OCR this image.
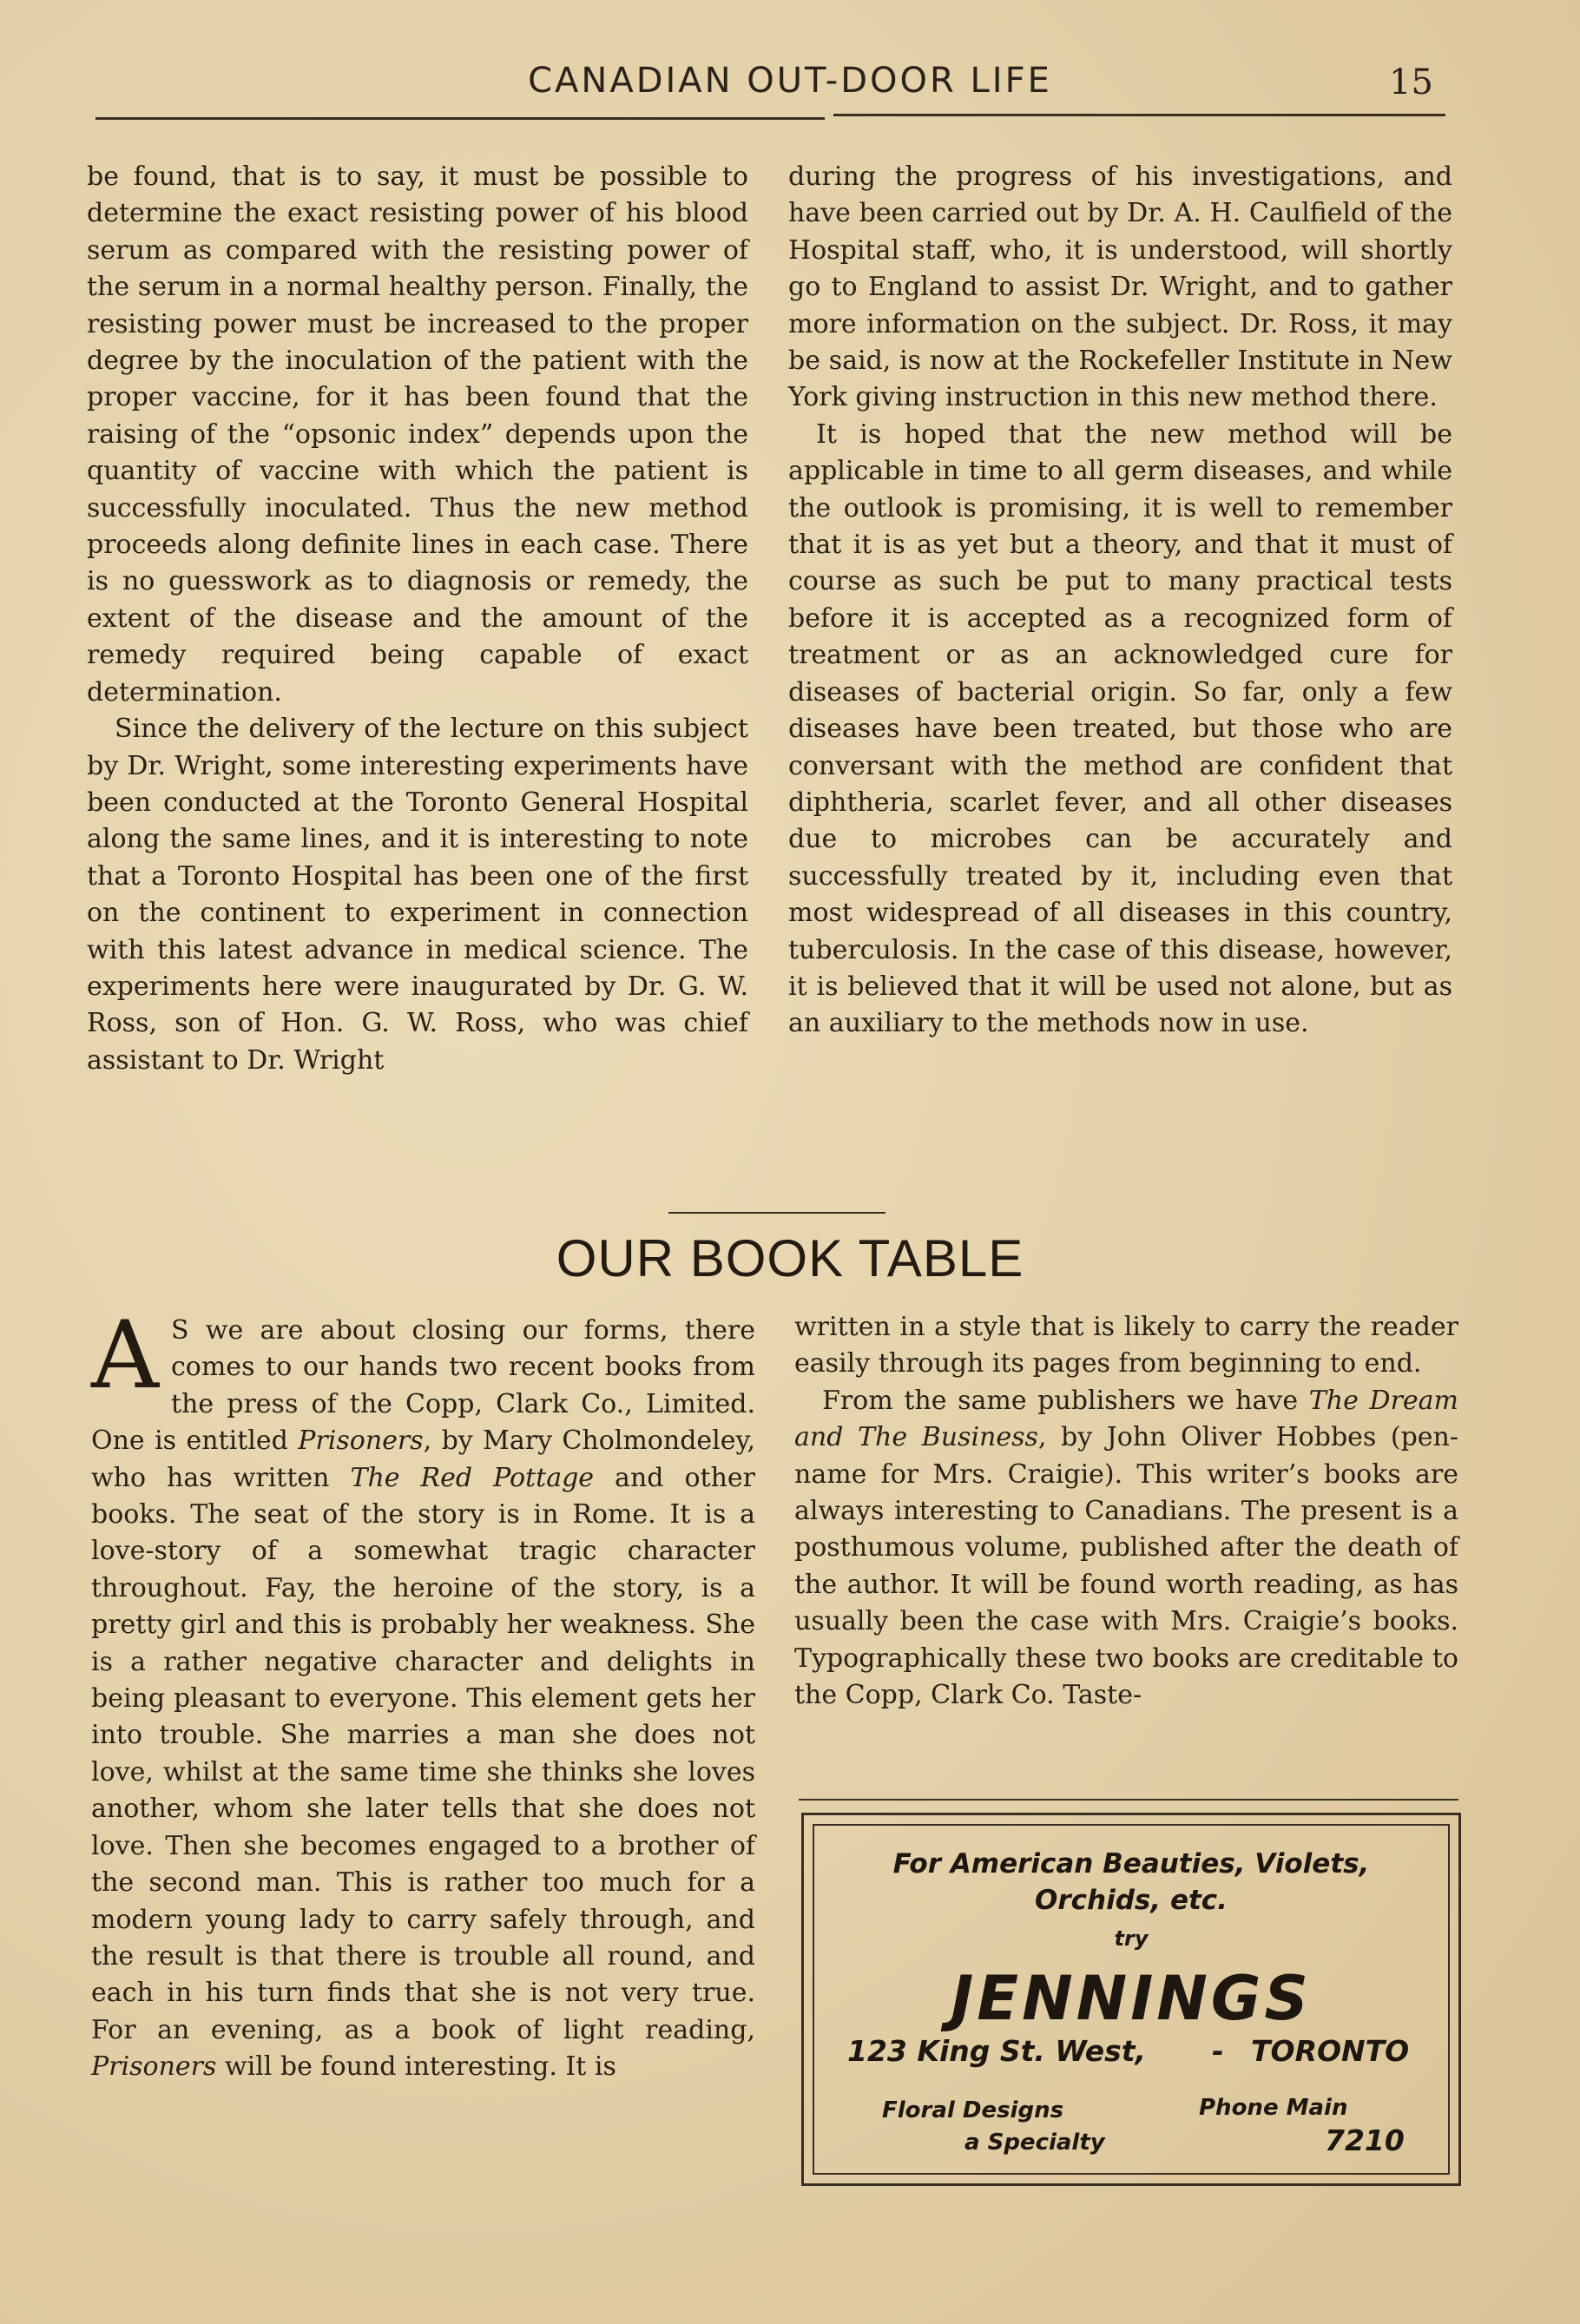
CANADIAN OUT-DOOR LIFE	15

be found, that is to say, it must be possible to determine the exact resisting power of his blood serum as compared with the resisting power of the serum in a normal healthy person. Finally, the resisting power must be increased to the proper degree by the inoculation of the patient with the proper vaccine, for it has been found that the raising of the “opsonic index” depends upon the quantity of vaccine with which the patient is successfully inoculated. Thus the new method proceeds along definite lines in each case. There is no guesswork as to diagnosis or remedy, the extent of the disease and the amount of the remedy required being capable of exact determination.

Since the delivery of the lecture on this subject by Dr. Wright, some interesting experiments have been conducted at the Toronto General Hospital along the same lines, and it is interesting to note that a Toronto Hospital has been one of the first on the continent to experiment in connection with this latest advance in medical science. The experiments here were inaugurated by Dr. G. W. Ross, son of Hon. G. W. Ross, who was chief assistant to Dr. Wright

during the progress of his investigations, and have been carried out by Dr. A. H. Caulfield of the Hospital staff, who, it is understood, will shortly go to England to assist Dr. Wright, and to gather more information on the subject. Dr. Ross, it may be said, is now at the Rockefeller Institute in New York giving instruction in this new method there.

It is hoped that the new method will be applicable in time to all germ diseases, and while the outlook is promising, it is well to remember that it is as yet but a theory, and that it must of course as such be put to many practical tests before it is accepted as a recognized form of treatment or as an acknowledged cure for diseases of bacterial origin. So far, only a few diseases have been treated, but those who are conversant with the method are confident that diphtheria, scarlet fever, and all other diseases due to microbes can be accurately and successfully treated by it, including even that most widespread of all diseases in this country, tuberculosis. In the case of this disease, however, it is believed that it will be used not alone, but as an auxiliary to the methods now in use.

OUR BOOK TABLE

A S we are about closing our forms, there comes to our hands two recent books from the press of the Copp, Clark Co., Limited. One is entitled Prisoners, by Mary Cholmondeley, who has written The Red Pottage and other books. The seat of the story is in Rome. It is a love-story of a somewhat tragic character throughout. Fay, the heroine of the story, is a pretty girl and this is probably her weakness. She is a rather negative character and delights in being pleasant to everyone. This element gets her into trouble. She marries a man she does not love, whilst at the same time she thinks she loves another, whom she later tells that she does not love. Then she becomes engaged to a brother of the second man. This is rather too much for a modern young lady to carry safely through, and the result is that there is trouble all round, and each in his turn finds that she is not very true. For an evening, as a book of light reading, Prisoners will be found interesting. It is

written in a style that is likely to carry the reader easily through its pages from beginning to end.

From the same publishers we have The Dream and The Business, by John Oliver Hobbes (pen-name for Mrs. Craigie). This writer’s books are always interesting to Canadians. The present is a posthumous volume, published after the death of the author. It will be found worth reading, as has usually been the case with Mrs. Craigie’s books. Typographically these two books are creditable to the Copp, Clark Co. Taste-

For American Beauties, Violets,
Orchids, etc.
try
JENNINGS
123 King St. West, - TORONTO
Floral Designs
a Specialty
Phone Main
7210
